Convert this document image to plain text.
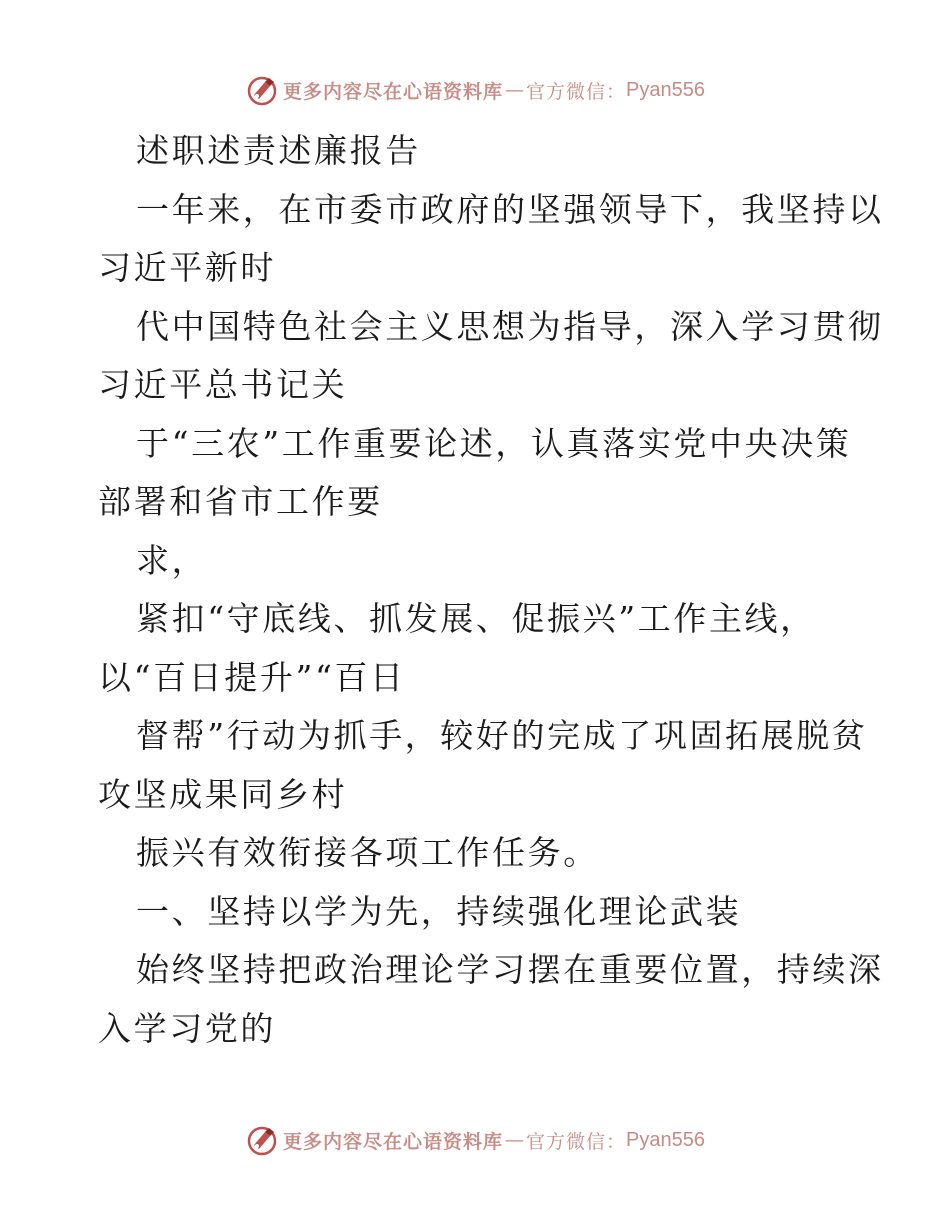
更多内容尽在心语资料库 — 官方微信： Pyan556
述职述责述廉报告
一年来，在市委市政府的坚强领导下，我坚持以
习近平新时
代中国特色社会主义思想为指导，深入学习贯彻
习近平总书记关
于“三农”工作重要论述，认真落实党中央决策
部署和省市工作要
求，
紧扣“守底线、抓发展、促振兴”工作主线，
以“百日提升”“百日
督帮”行动为抓手，较好的完成了巩固拓展脱贫
攻坚成果同乡村
振兴有效衔接各项工作任务。
一、坚持以学为先，持续强化理论武装
始终坚持把政治理论学习摆在重要位置，持续深
入学习党的
更多内容尽在心语资料库 — 官方微信： Pyan556
